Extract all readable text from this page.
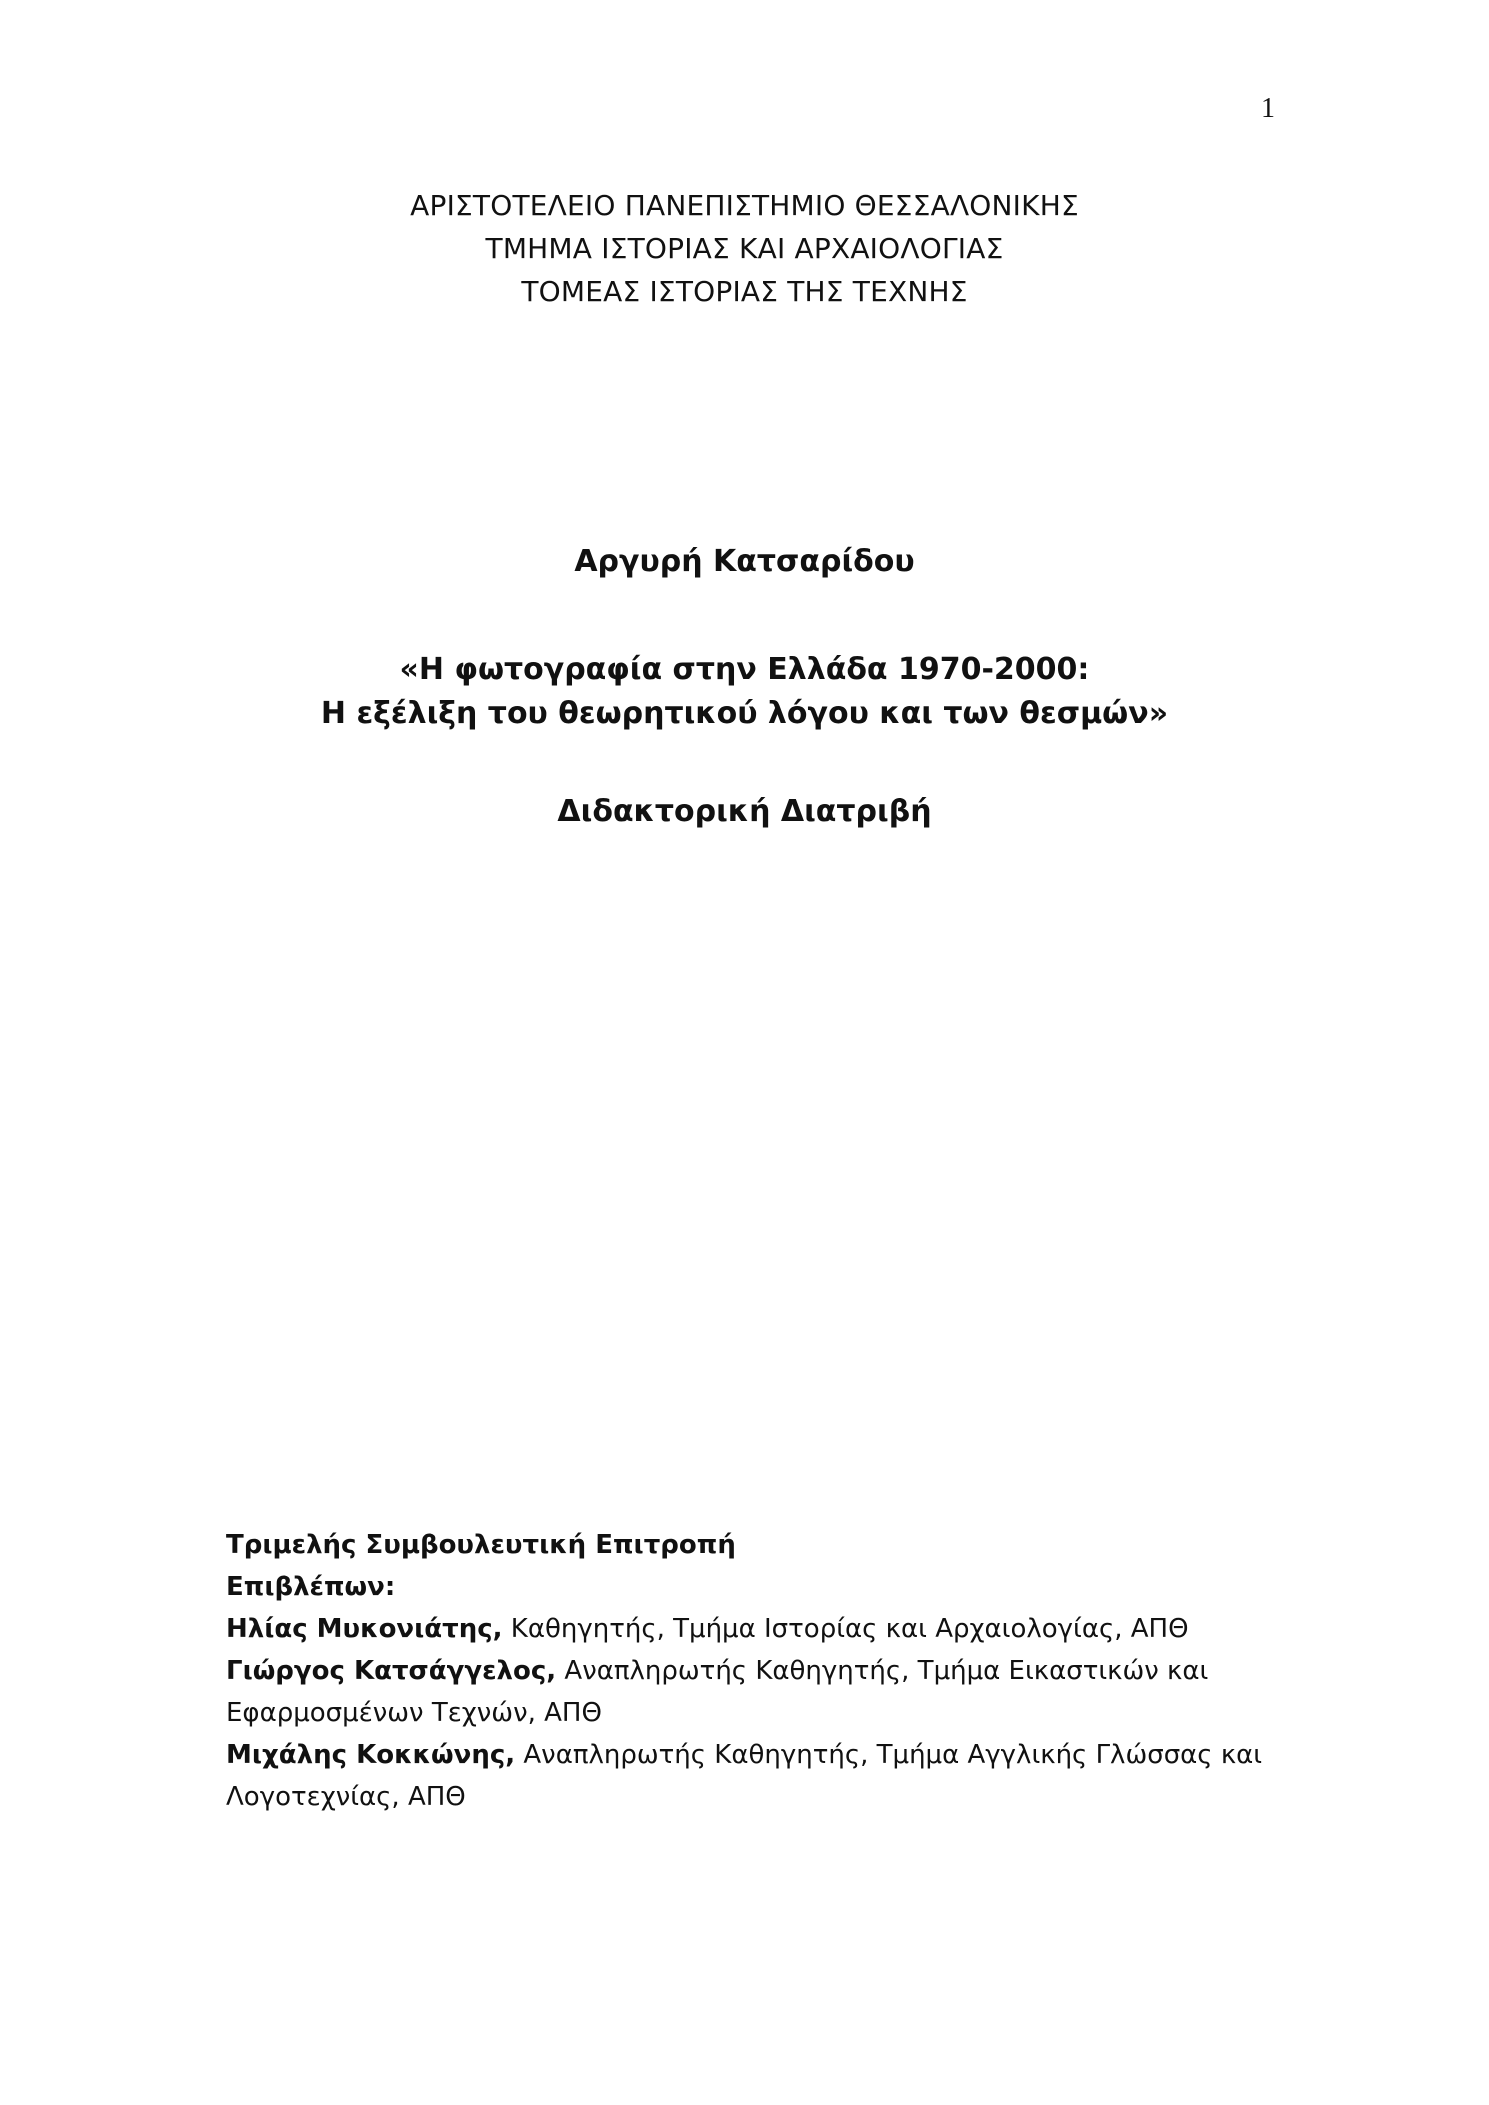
1
ΑΡΙΣΤΟΤΕΛΕΙΟ ΠΑΝΕΠΙΣΤΗΜΙΟ ΘΕΣΣΑΛΟΝΙΚΗΣ
ΤΜΗΜΑ ΙΣΤΟΡΙΑΣ ΚΑΙ ΑΡΧΑΙΟΛΟΓΙΑΣ
ΤΟΜΕΑΣ ΙΣΤΟΡΙΑΣ ΤΗΣ ΤΕΧΝΗΣ
Αργυρή Κατσαρίδου
«Η φωτογραφία στην Ελλάδα 1970-2000:
Η εξέλιξη του θεωρητικού λόγου και των θεσμών»
Διδακτορική Διατριβή
Τριμελής Συμβουλευτική Επιτροπή
Επιβλέπων:
Ηλίας Μυκονιάτης, Καθηγητής, Τμήμα Ιστορίας και Αρχαιολογίας, ΑΠΘ
Γιώργος Κατσάγγελος, Αναπληρωτής Καθηγητής, Τμήμα Εικαστικών και
Εφαρμοσμένων Τεχνών, ΑΠΘ
Μιχάλης Κοκκώνης, Αναπληρωτής Καθηγητής, Τμήμα Αγγλικής Γλώσσας και
Λογοτεχνίας, ΑΠΘ
